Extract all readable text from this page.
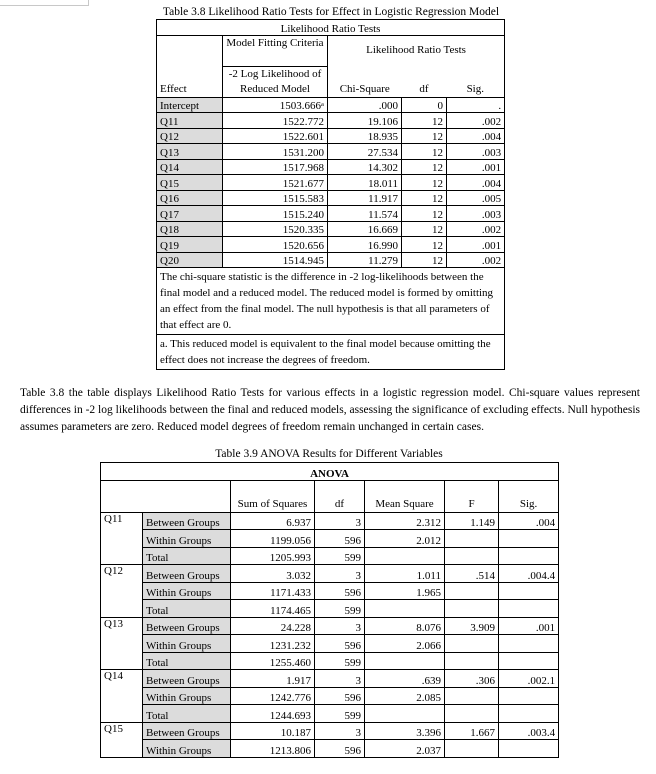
Table 3.8 Likelihood Ratio Tests for Effect in Logistic Regression Model
Likelihood Ratio Tests				
	Model Fitting Criteria	Likelihood Ratio Tests		
Effect	-2 Log Likelihood of Reduced Model	Chi-Square	df	Sig.
Intercept	1503.666ᵃ	.000	0	.
Q11	1522.772	19.106	12	.002
Q12	1522.601	18.935	12	.004
Q13	1531.200	27.534	12	.003
Q14	1517.968	14.302	12	.001
Q15	1521.677	18.011	12	.004
Q16	1515.583	11.917	12	.005
Q17	1515.240	11.574	12	.003
Q18	1520.335	16.669	12	.002
Q19	1520.656	16.990	12	.001
Q20	1514.945	11.279	12	.002
The chi-square statistic is the difference in -2 log-likelihoods between the final model and a reduced model. The reduced model is formed by omitting an effect from the final model. The null hypothesis is that all parameters of that effect are 0.				
a. This reduced model is equivalent to the final model because omitting the effect does not increase the degrees of freedom.				
Table 3.8 the table displays Likelihood Ratio Tests for various effects in a logistic regression model. Chi-square values represent differences in -2 log likelihoods between the final and reduced models, assessing the significance of excluding effects. Null hypothesis assumes parameters are zero. Reduced model degrees of freedom remain unchanged in certain cases.
Table 3.9 ANOVA Results for Different Variables
ANOVA						
		Sum of Squares	df	Mean Square	F	Sig.
Q11	Between Groups	6.937	3	2.312	1.149	.004
	Within Groups	1199.056	596	2.012		
	Total	1205.993	599			
Q12	Between Groups	3.032	3	1.011	.514	.004.4
	Within Groups	1171.433	596	1.965		
	Total	1174.465	599			
Q13	Between Groups	24.228	3	8.076	3.909	.001
	Within Groups	1231.232	596	2.066		
	Total	1255.460	599			
Q14	Between Groups	1.917	3	.639	.306	.002.1
	Within Groups	1242.776	596	2.085		
	Total	1244.693	599			
Q15	Between Groups	10.187	3	3.396	1.667	.003.4
	Within Groups	1213.806	596	2.037		
